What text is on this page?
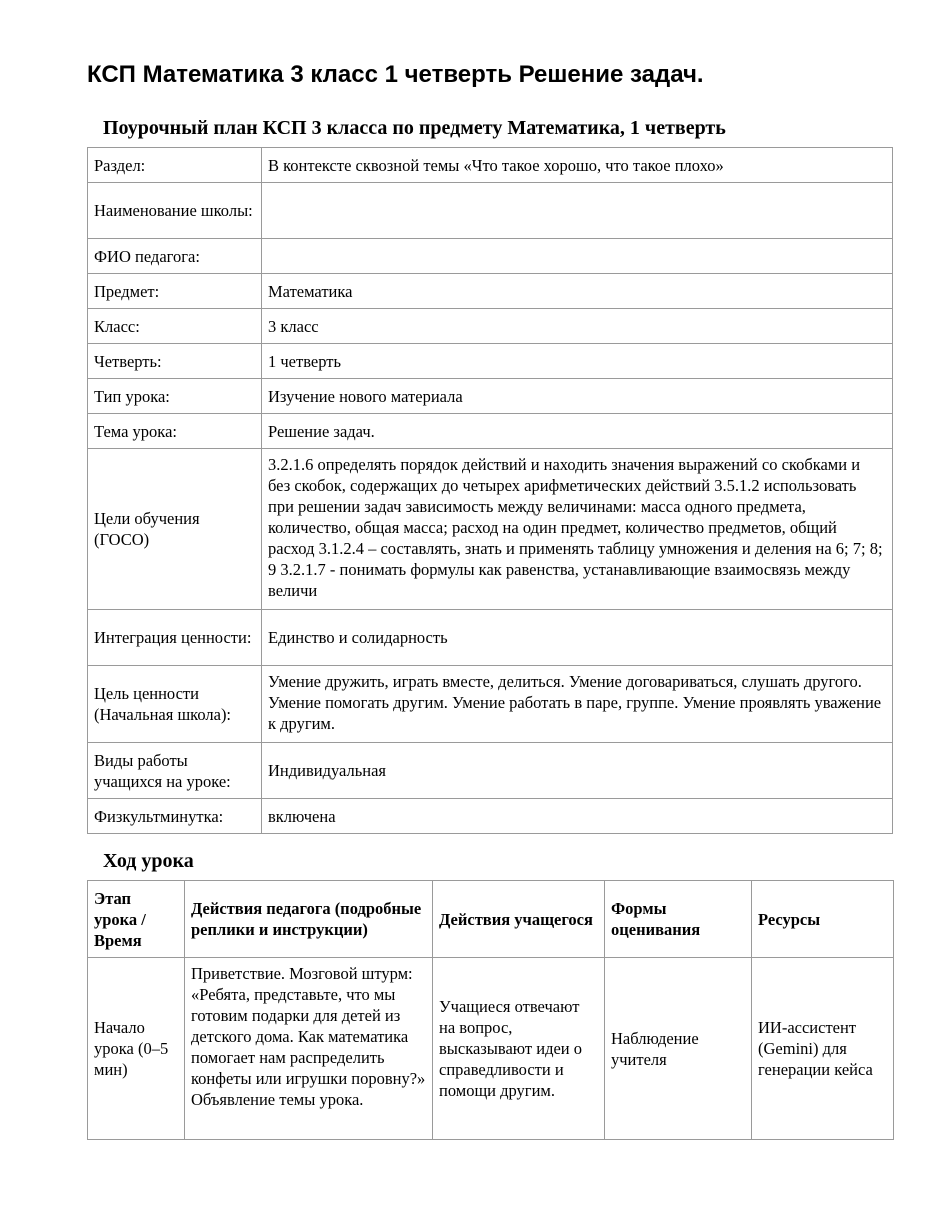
КСП Математика 3 класс 1 четверть Решение задач.
Поурочный план КСП 3 класса по предмету Математика, 1 четверть
Раздел:	В контексте сквозной темы «Что такое хорошо, что такое плохо»
Наименование школы:	
ФИО педагога:	
Предмет:	Математика
Класс:	3 класс
Четверть:	1 четверть
Тип урока:	Изучение нового материала
Тема урока:	Решение задач.
Цели обучения (ГОСО)	3.2.1.6 определять порядок действий и находить значения выражений со скобками и без скобок, содержащих до четырех арифметических действий 3.5.1.2 использовать при решении задач зависимость между величинами: масса одного предмета, количество, общая масса; расход на один предмет, количество предметов, общий расход 3.1.2.4 – составлять, знать и применять таблицу умножения и деления на 6; 7; 8; 9 3.2.1.7 - понимать формулы как равенства, устанавливающие взаимосвязь между величи
Интеграция ценности:	Единство и солидарность
Цель ценности (Начальная школа):	Умение дружить, играть вместе, делиться. Умение договариваться, слушать другого. Умение помогать другим. Умение работать в паре, группе. Умение проявлять уважение к другим.
Виды работы учащихся на уроке:	Индивидуальная
Физкультминутка:	включена
Ход урока
Этап урока / Время	Действия педагога (подробные реплики и инструкции)	Действия учащегося	Формы оценивания	Ресурсы
Начало урока (0–5 мин)	Приветствие. Мозговой штурм: «Ребята, представьте, что мы готовим подарки для детей из детского дома. Как математика помогает нам распределить конфеты или игрушки поровну?» Объявление темы урока.	Учащиеся отвечают на вопрос, высказывают идеи о справедливости и помощи другим.	Наблюдение учителя	ИИ-ассистент (Gemini) для генерации кейса
